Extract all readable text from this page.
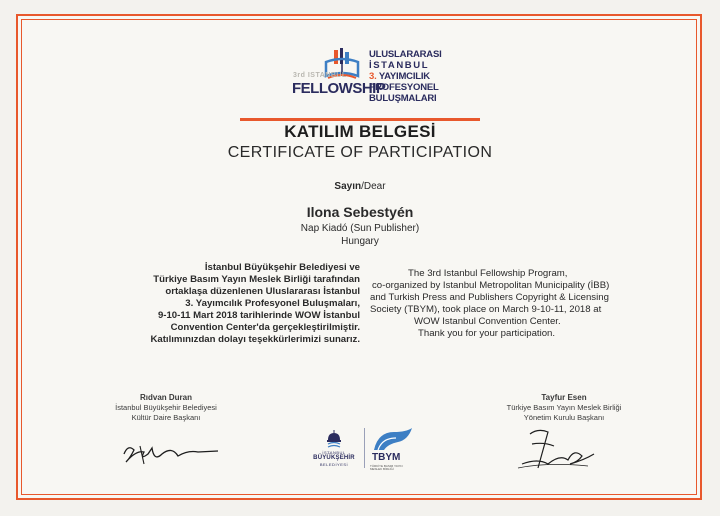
3rd ISTANBUL
FELLOWSHIP
ULUSLARARASI
İSTANBUL
3. YAYIMCILIK
PROFESYONEL
BULUŞMALARI
KATILIM BELGESİ
CERTIFICATE OF PARTICIPATION
Sayın/Dear
Ilona Sebestyén
Nap Kiadó (Sun Publisher)
Hungary
İstanbul Büyükşehir Belediyesi ve
Türkiye Basım Yayın Meslek Birliği tarafından
ortaklaşa düzenlenen Uluslararası İstanbul
3. Yayımcılık Profesyonel Buluşmaları,
9-10-11 Mart 2018 tarihlerinde WOW İstanbul
Convention Center'da gerçekleştirilmiştir.
Katılımınızdan dolayı teşekkürlerimizi sunarız.
The 3rd Istanbul Fellowship Program,
co-organized by Istanbul Metropolitan Municipality (İBB)
and Turkish Press and Publishers Copyright & Licensing
Society (TBYM), took place on March 9-10-11, 2018 at
WOW Istanbul Convention Center.
Thank you for your participation.
Rıdvan Duran
İstanbul Büyükşehir Belediyesi
Kültür Daire Başkanı
Tayfur Esen
Türkiye Basım Yayın Meslek Birliği
Yönetim Kurulu Başkanı
İSTANBUL
BÜYÜKŞEHİR
BELEDİYESİ
TBYM
TÜRKİYE BASIM YAYIN MESLEK BİRLİĞİ
